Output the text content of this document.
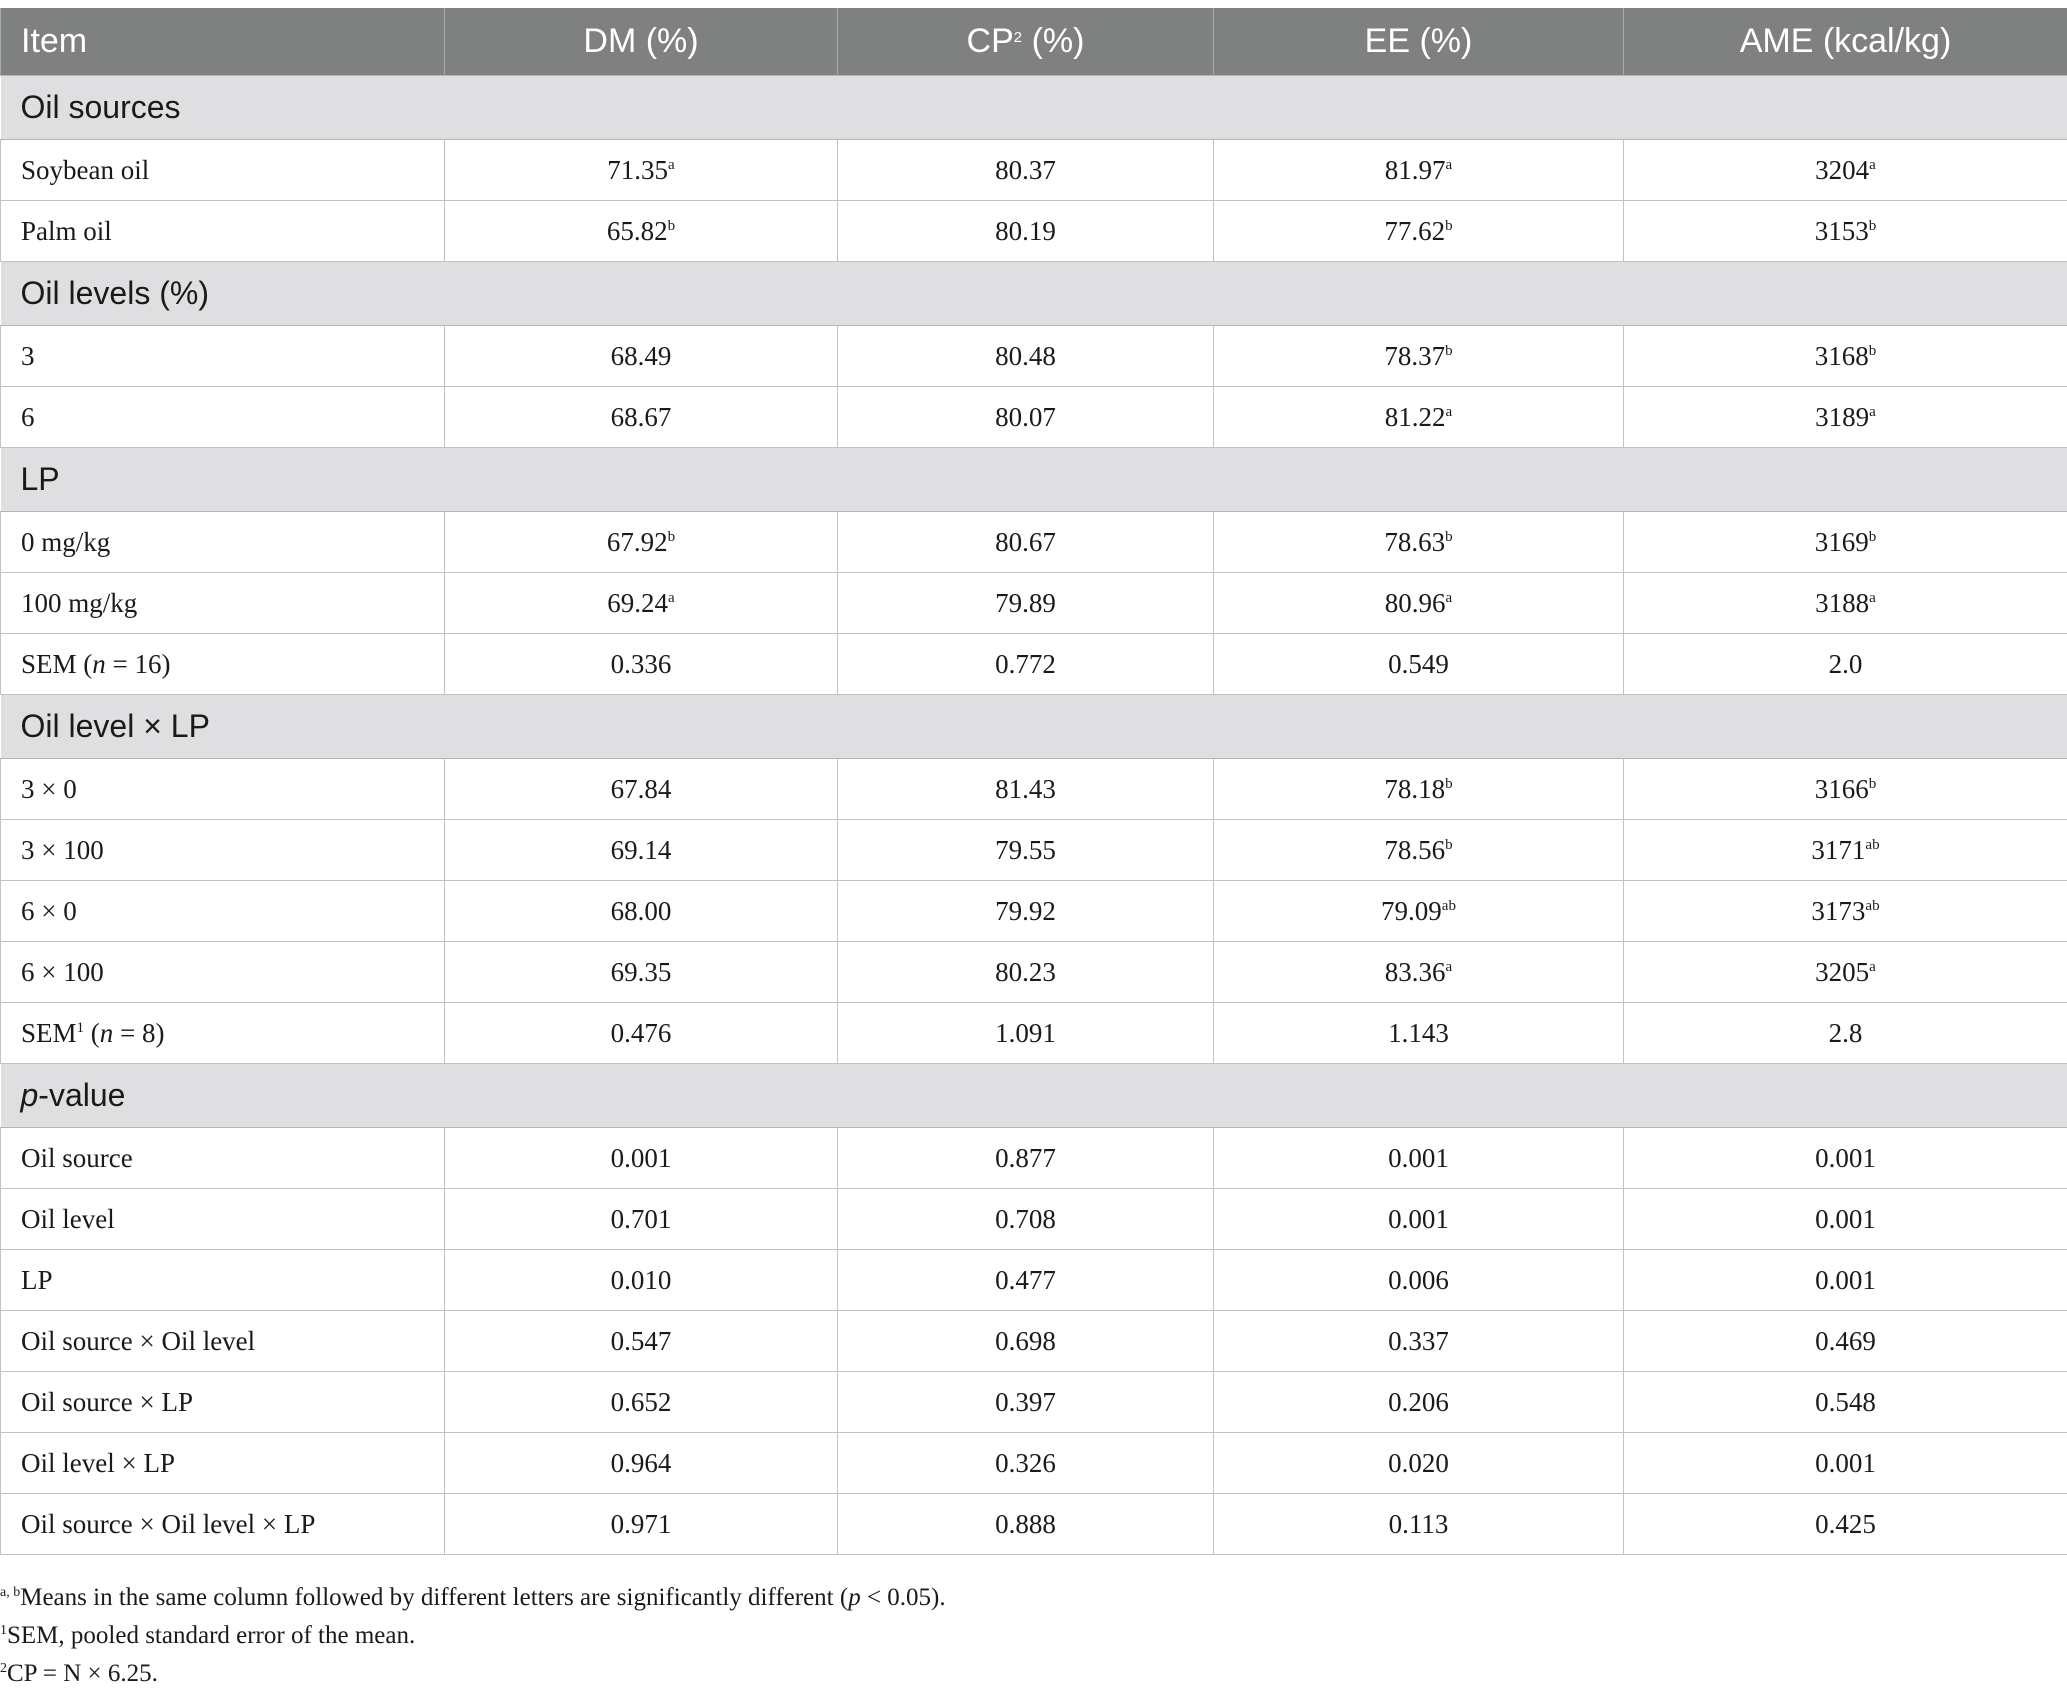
Item	DM (%)	$CP^2$ (%)	EE (%)	AME (kcal/kg)
Oil sources				
Soybean oil	71.35$^a$	80.37	81.97$^a$	3204$^a$
Palm oil	65.82$^b$	80.19	77.62$^b$	3153$^b$
Oil levels (%)				
3	68.49	80.48	78.37$^b$	3168$^b$
6	68.67	80.07	81.22$^a$	3189$^a$
LP				
0 mg/kg	67.92$^b$	80.67	78.63$^b$	3169$^b$
100 mg/kg	69.24$^a$	79.89	80.96$^a$	3188$^a$
SEM (n = 16)	0.336	0.772	0.549	2.0
Oil level × LP				
3 × 0	67.84	81.43	78.18$^b$	3166$^b$
3 × 100	69.14	79.55	78.56$^b$	$3171^{ab}$
6 × 0	68.00	79.92	79.09$^{ab}$	$3173^{ab}$
6 × 100	69.35	80.23	83.36$^a$	3205$^a$
SEM$^1$ (n = 8)	0.476	1.091	1.143	2.8
p-value				
Oil source	0.001	0.877	0.001	0.001
Oil level	0.701	0.708	0.001	0.001
LP	0.010	0.477	0.006	0.001
Oil source × Oil level	0.547	0.698	0.337	0.469
Oil source × LP	0.652	0.397	0.206	0.548
Oil level × LP	0.964	0.326	0.020	0.001
Oil source × Oil level × LP	0.971	0.888	0.113	0.425

$^{a, b}$Means in the same column followed by different letters are significantly different (p < 0.05).

$^1$SEM, pooled standard error of the mean.

$^2$CP = N × 6.25.
